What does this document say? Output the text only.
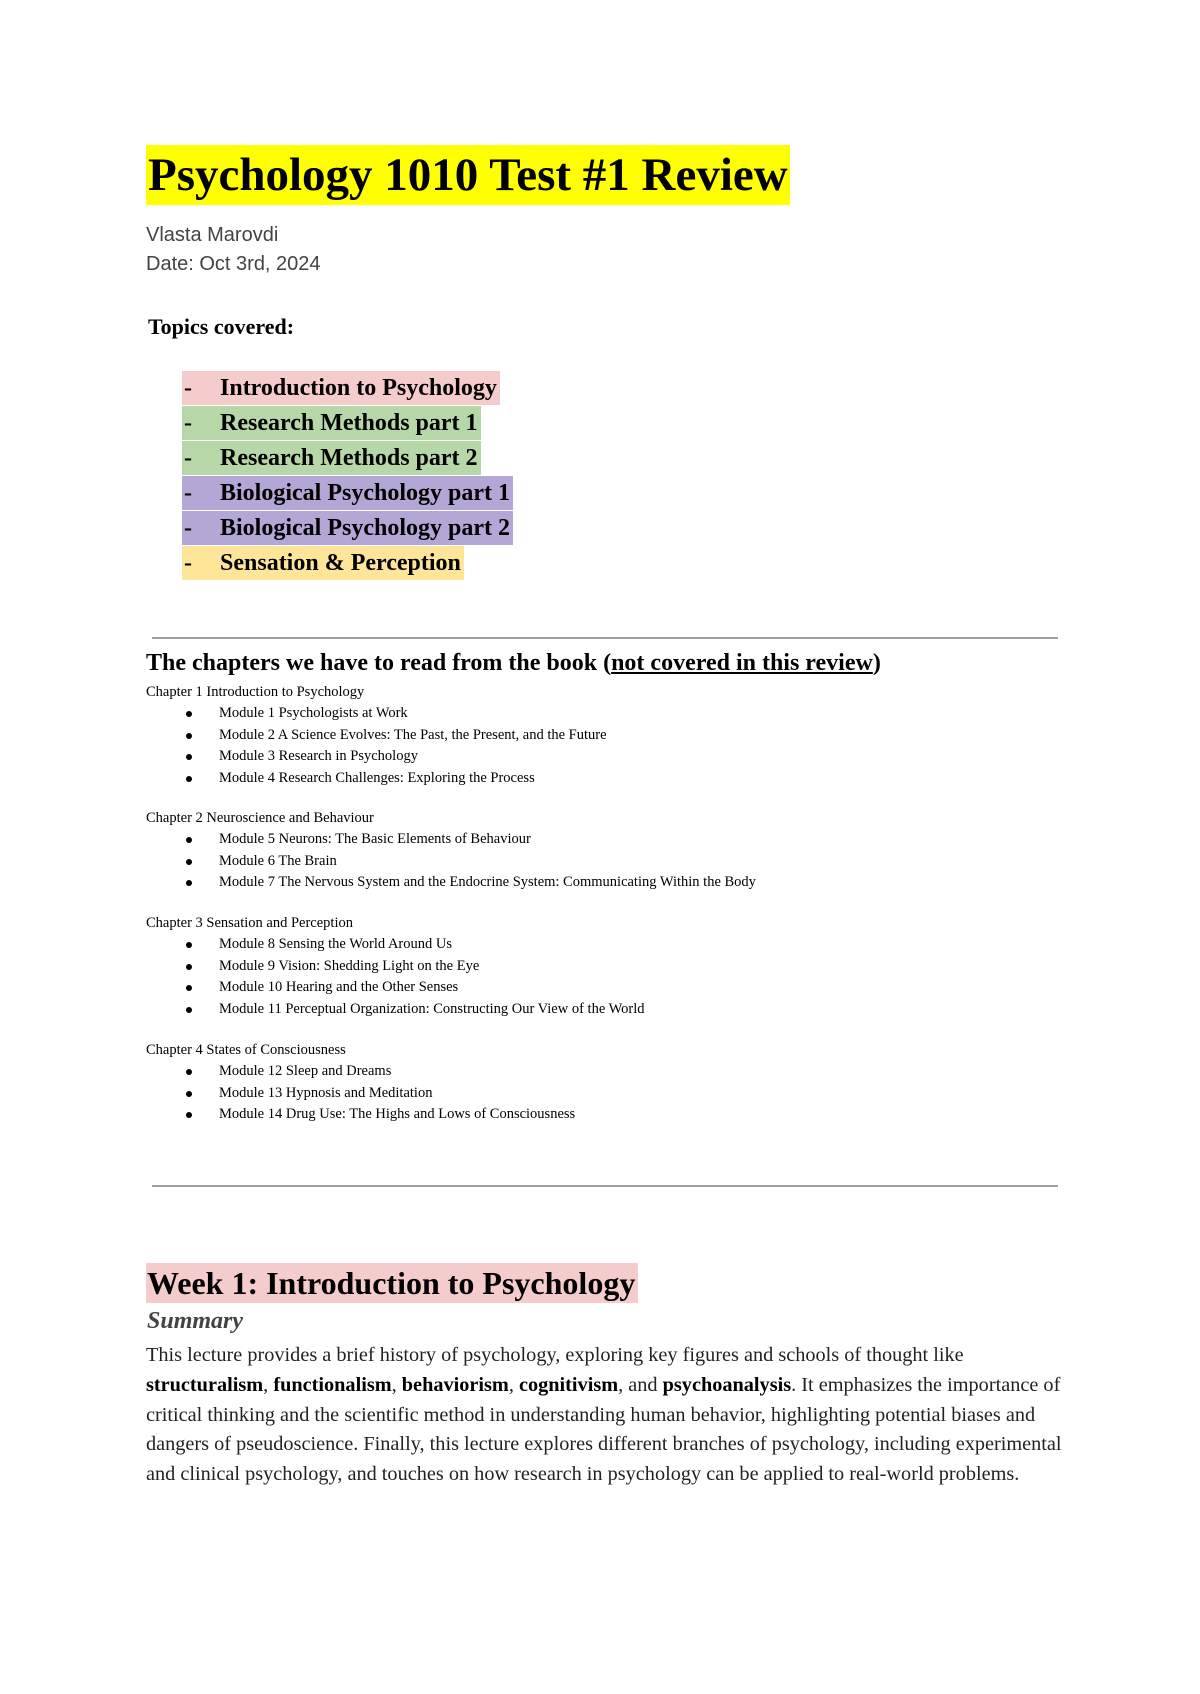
Psychology 1010 Test #1 Review
Vlasta Marovdi
Date: Oct 3rd, 2024
Topics covered:
- Introduction to Psychology
- Research Methods part 1
- Research Methods part 2
- Biological Psychology part 1
- Biological Psychology part 2
- Sensation & Perception
The chapters we have to read from the book (not covered in this review)
Chapter 1 Introduction to Psychology
Module 1 Psychologists at Work
Module 2 A Science Evolves: The Past, the Present, and the Future
Module 3 Research in Psychology
Module 4 Research Challenges: Exploring the Process
Chapter 2 Neuroscience and Behaviour
Module 5 Neurons: The Basic Elements of Behaviour
Module 6 The Brain
Module 7 The Nervous System and the Endocrine System: Communicating Within the Body
Chapter 3 Sensation and Perception
Module 8 Sensing the World Around Us
Module 9 Vision: Shedding Light on the Eye
Module 10 Hearing and the Other Senses
Module 11 Perceptual Organization: Constructing Our View of the World
Chapter 4 States of Consciousness
Module 12 Sleep and Dreams
Module 13 Hypnosis and Meditation
Module 14 Drug Use: The Highs and Lows of Consciousness
Week 1: Introduction to Psychology
Summary

This lecture provides a brief history of psychology, exploring key figures and schools of thought like structuralism, functionalism, behaviorism, cognitivism, and psychoanalysis. It emphasizes the importance of critical thinking and the scientific method in understanding human behavior, highlighting potential biases and dangers of pseudoscience. Finally, this lecture explores different branches of psychology, including experimental and clinical psychology, and touches on how research in psychology can be applied to real-world problems.
